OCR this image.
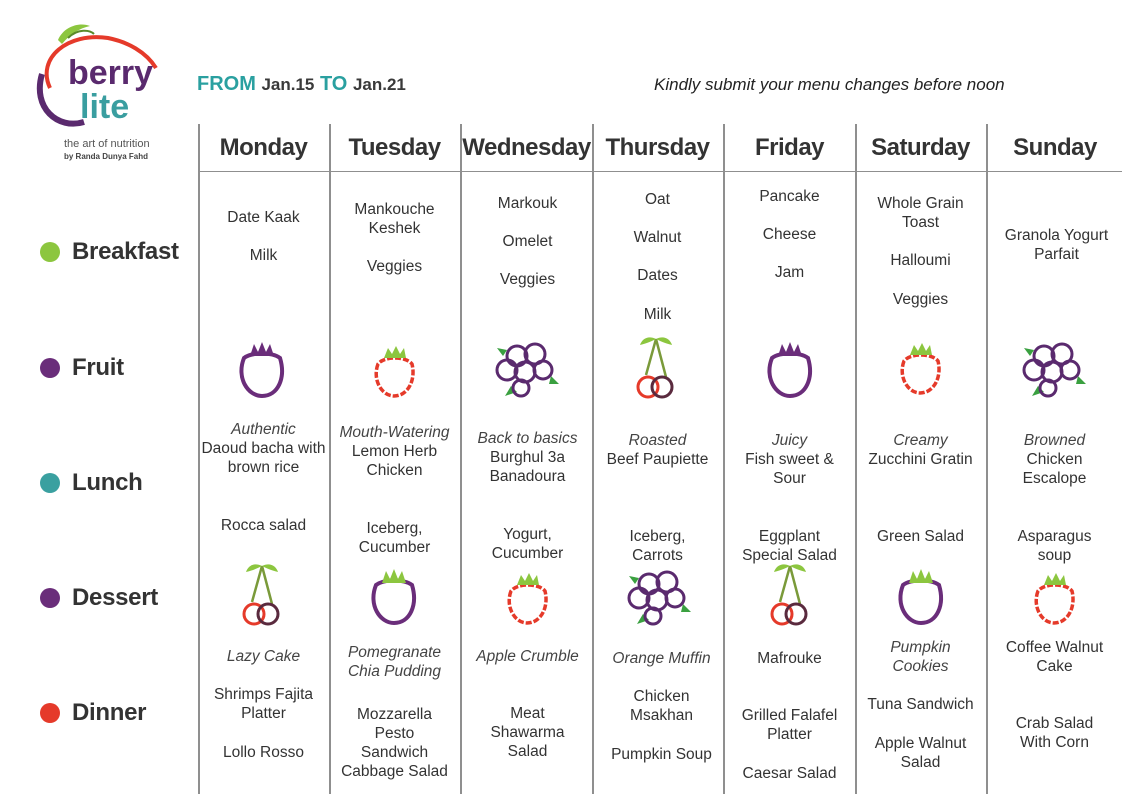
berry
lite
the art of nutrition
by Randa Dunya Fahd
FROM Jan.15 TO Jan.21	Kindly submit your menu changes before noon
Breakfast
Fruit
Lunch
Dessert
Dinner
Monday
Date Kaak
Milk
Authentic
Daoud bacha with brown rice
Rocca salad
Lazy Cake
Shrimps Fajita Platter
Lollo Rosso
Tuesday
Mankouche Keshek
Veggies
Mouth-Watering
Lemon Herb Chicken
Iceberg, Cucumber
Pomegranate Chia Pudding
Mozzarella Pesto Sandwich
Cabbage Salad
Wednesday
Markouk
Omelet
Veggies
Back to basics
Burghul 3a Banadoura
Yogurt, Cucumber
Apple Crumble
Meat Shawarma Salad
Thursday
Oat
Walnut
Dates
Milk
Roasted
Beef Paupiette
Iceberg, Carrots
Orange Muffin
Chicken Msakhan
Pumpkin Soup
Friday
Pancake
Cheese
Jam
Juicy
Fish sweet & Sour
Eggplant Special Salad
Mafrouke
Grilled Falafel Platter
Caesar Salad
Saturday
Whole Grain Toast
Halloumi
Veggies
Creamy
Zucchini Gratin
Green Salad
Pumpkin Cookies
Tuna Sandwich
Apple Walnut Salad
Sunday
Granola Yogurt Parfait
Browned
Chicken Escalope
Asparagus soup
Coffee Walnut Cake
Crab Salad With Corn
